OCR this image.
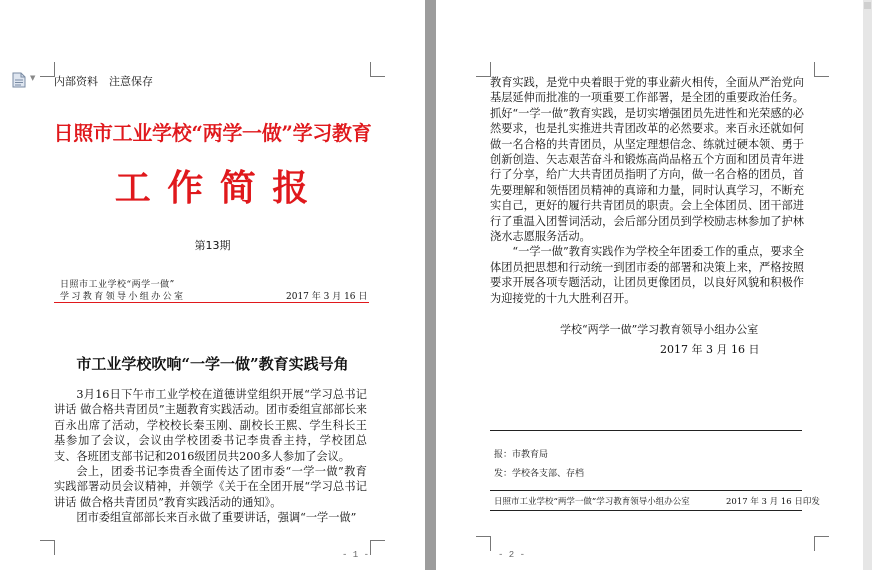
▼ 内部资料　注意保存
日照市工业学校“两学一做”学习教育
工 作 简 报
第13期
日照市工业学校“两学一做”
学习教育领导小组办公室	2017 年 3 月 16 日
市工业学校吹响“一学一做”教育实践号角

3月16日下午市工业学校在道德讲堂组织开展“学习总书记讲话 做合格共青团员”主题教育实践活动。团市委组宣部部长来百永出席了活动，学校校长秦玉刚、副校长王熙、学生科长王基参加了会议，会议由学校团委书记李贵香主持，学校团总支、各班团支部书记和2016级团员共200多人参加了会议。

会上，团委书记李贵香全面传达了团市委“一学一做”教育实践部署动员会议精神，并领学《关于在全团开展“学习总书记讲话 做合格共青团员”教育实践活动的通知》。

团市委组宣部部长来百永做了重要讲话，强调“一学一做”

- 1 -

教育实践，是党中央着眼于党的事业薪火相传，全面从严治党向基层延伸而批准的一项重要工作部署，是全团的重要政治任务。抓好“一学一做”教育实践，是切实增强团员先进性和光荣感的必然要求，也是扎实推进共青团改革的必然要求。来百永还就如何做一名合格的共青团员，从坚定理想信念、练就过硬本领、勇于创新创造、矢志艰苦奋斗和锻炼高尚品格五个方面和团员青年进行了分享，给广大共青团员指明了方向，做一名合格的团员，首先要理解和领悟团员精神的真谛和力量，同时认真学习，不断充实自己，更好的履行共青团员的职责。会上全体团员、团干部进行了重温入团誓词活动，会后部分团员到学校励志林参加了护林浇水志愿服务活动。

“一学一做”教育实践作为学校全年团委工作的重点，要求全体团员把思想和行动统一到团市委的部署和决策上来，严格按照要求开展各项专题活动，让团员更像团员，以良好风貌和积极作为迎接党的十九大胜利召开。

学校“两学一做”学习教育领导小组办公室
2017 年 3 月 16 日
报：市教育局
发：学校各支部、存档
日照市工业学校“两学一做”学习教育领导小组办公室	2017 年 3 月 16 日印发
- 2 -
